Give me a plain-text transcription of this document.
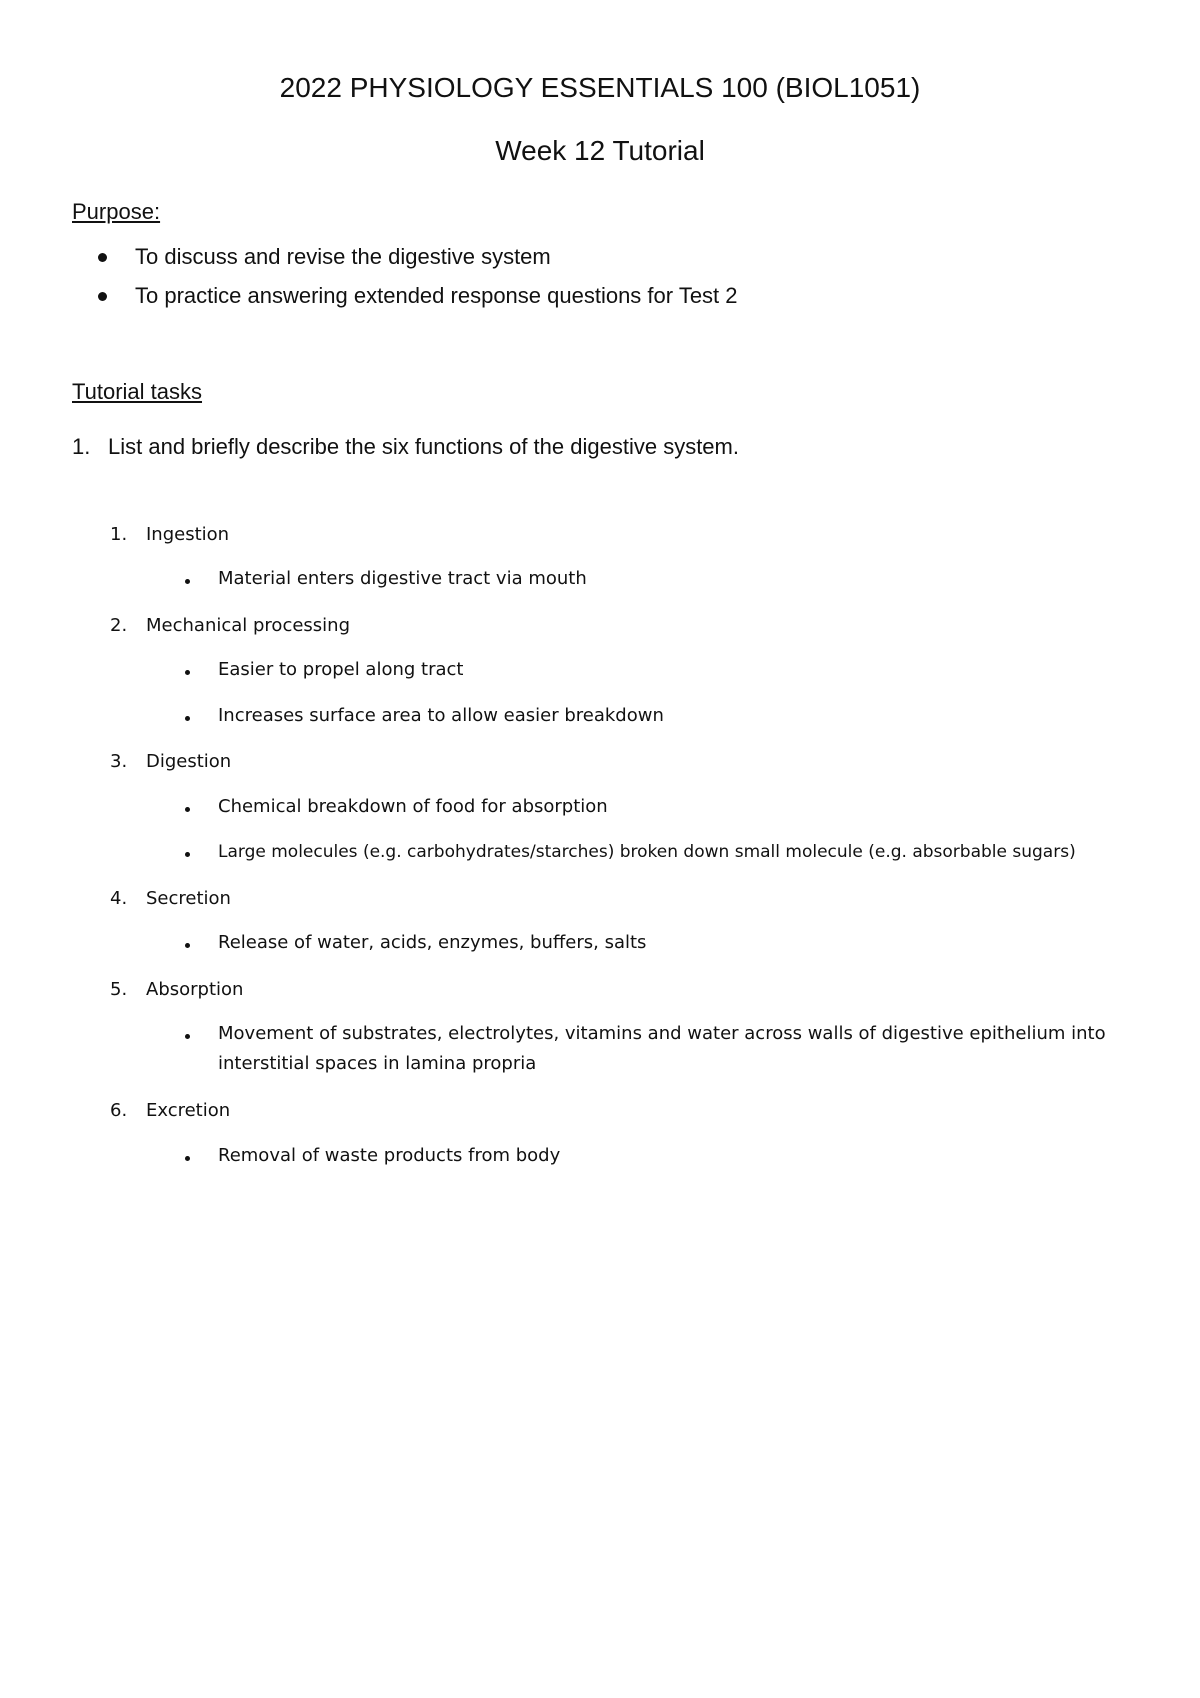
2022 PHYSIOLOGY ESSENTIALS 100 (BIOL1051)
Week 12 Tutorial

Purpose:

To discuss and revise the digestive system
To practice answering extended response questions for Test 2

Tutorial tasks

1. List and briefly describe the six functions of the digestive system.

1. Ingestion

Material enters digestive tract via mouth

2. Mechanical processing

Easier to propel along tract
Increases surface area to allow easier breakdown

3. Digestion

Chemical breakdown of food for absorption
Large molecules (e.g. carbohydrates/starches) broken down small molecule (e.g. absorbable sugars)

4. Secretion

Release of water, acids, enzymes, buffers, salts

5. Absorption

Movement of substrates, electrolytes, vitamins and water across walls of digestive epithelium into interstitial spaces in lamina propria

6. Excretion

Removal of waste products from body
